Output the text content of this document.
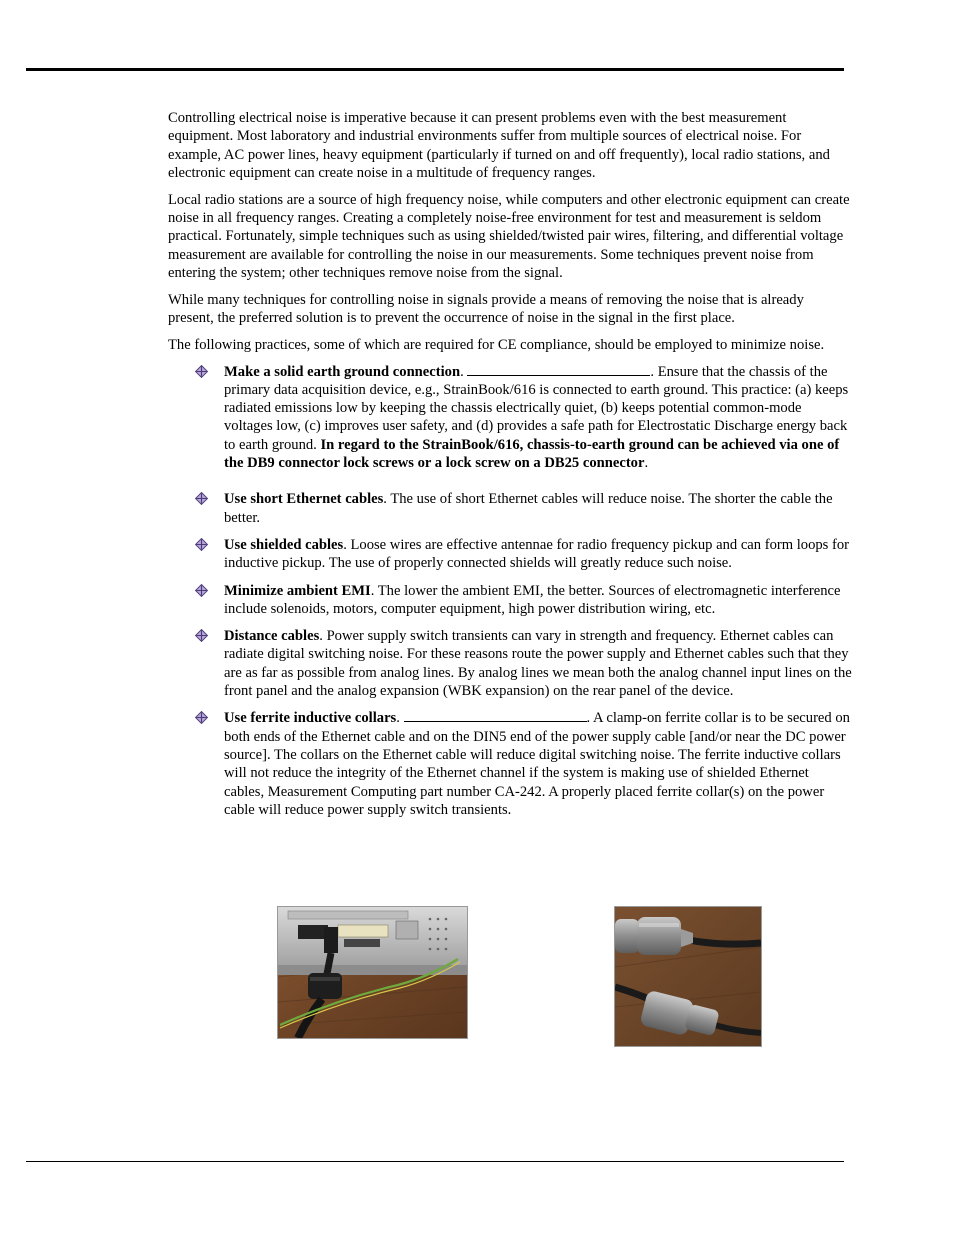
Controlling electrical noise is imperative because it can present problems even with the best measurement equipment. Most laboratory and industrial environments suffer from multiple sources of electrical noise. For example, AC power lines, heavy equipment (particularly if turned on and off frequently), local radio stations, and electronic equipment can create noise in a multitude of frequency ranges.

Local radio stations are a source of high frequency noise, while computers and other electronic equipment can create noise in all frequency ranges. Creating a completely noise-free environment for test and measurement is seldom practical. Fortunately, simple techniques such as using shielded/twisted pair wires, filtering, and differential voltage measurement are available for controlling the noise in our measurements. Some techniques prevent noise from entering the system; other techniques remove noise from the signal.

While many techniques for controlling noise in signals provide a means of removing the noise that is already present, the preferred solution is to prevent the occurrence of noise in the signal in the first place.

The following practices, some of which are required for CE compliance, should be employed to minimize noise.

Make a solid earth ground connection.	. Ensure that the chassis of the primary data acquisition device, e.g., StrainBook/616 is connected to earth ground. This practice: (a) keeps radiated emissions low by keeping the chassis electrically quiet, (b) keeps potential common-mode voltages low, (c) improves user safety, and (d) provides a safe path for Electrostatic Discharge energy back to earth ground. In regard to the StrainBook/616, chassis-to-earth ground can be achieved via one of the DB9 connector lock screws or a lock screw on a DB25 connector.
Use short Ethernet cables. The use of short Ethernet cables will reduce noise. The shorter the cable the better.
Use shielded cables. Loose wires are effective antennae for radio frequency pickup and can form loops for inductive pickup. The use of properly connected shields will greatly reduce such noise.
Minimize ambient EMI. The lower the ambient EMI, the better. Sources of electromagnetic interference include solenoids, motors, computer equipment, high power distribution wiring, etc.
Distance cables. Power supply switch transients can vary in strength and frequency. Ethernet cables can radiate digital switching noise. For these reasons route the power supply and Ethernet cables such that they are as far as possible from analog lines. By analog lines we mean both the analog channel input lines on the front panel and the analog expansion (WBK expansion) on the rear panel of the device.
Use ferrite inductive collars.	. A clamp-on ferrite collar is to be secured on both ends of the Ethernet cable and on the DIN5 end of the power supply cable [and/or near the DC power source]. The collars on the Ethernet cable will reduce digital switching noise. The ferrite inductive collars will not reduce the integrity of the Ethernet channel if the system is making use of shielded Ethernet cables, Measurement Computing part number CA-242. A properly placed ferrite collar(s) on the power cable will reduce power supply switch transients.
